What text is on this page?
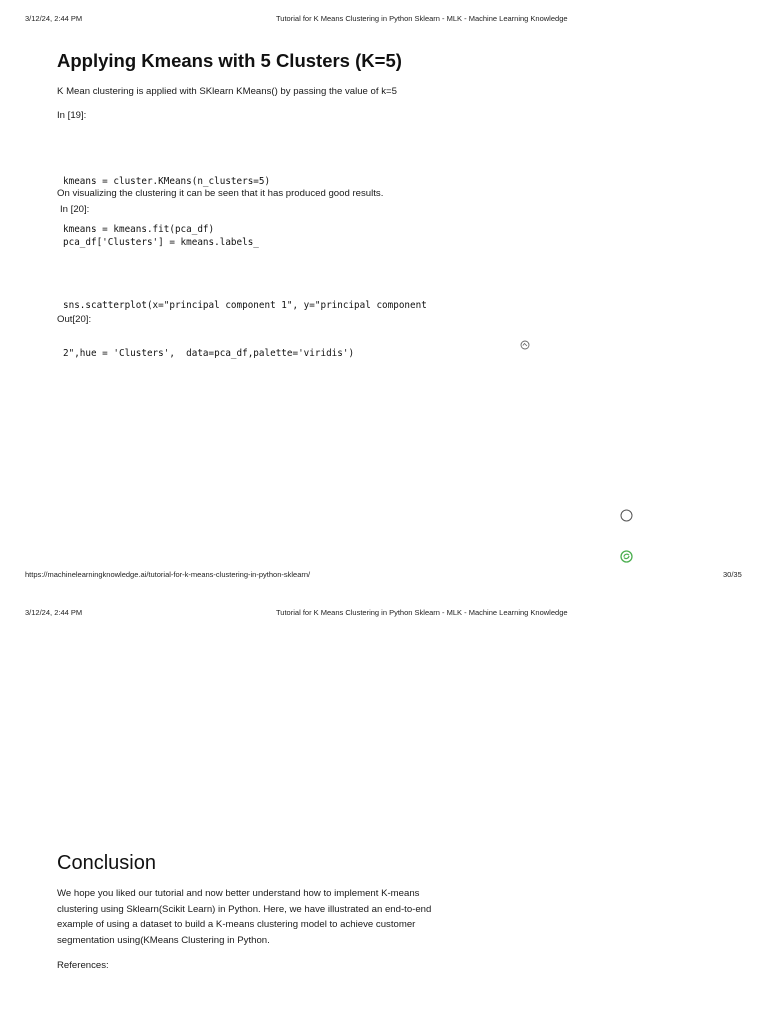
3/12/24, 2:44 PM	Tutorial for K Means Clustering in Python Sklearn - MLK - Machine Learning Knowledge
Applying Kmeans with 5 Clusters (K=5)

K Mean clustering is applied with SKlearn KMeans() by passing the value of k=5

In [19]:

kmeans = cluster.KMeans(n_clusters=5)

kmeans = kmeans.fit(pca_df)

On visualizing the clustering it can be seen that it has produced good results.

In [20]:

pca_df['Clusters'] = kmeans.labels_

sns.scatterplot(x="principal component 1", y="principal component

2",hue = 'Clusters',  data=pca_df,palette='viridis')

Out[20]:

https://machinelearningknowledge.ai/tutorial-for-k-means-clustering-in-python-sklearn/	30/35
3/12/24, 2:44 PM	Tutorial for K Means Clustering in Python Sklearn - MLK - Machine Learning Knowledge
Conclusion
We hope you liked our tutorial and now better understand how to implement K-means
clustering using Sklearn(Scikit Learn) in Python. Here, we have illustrated an end-to-end
example of using a dataset to build a K-means clustering model to achieve customer
segmentation using(KMeans Clustering in Python.

References:
